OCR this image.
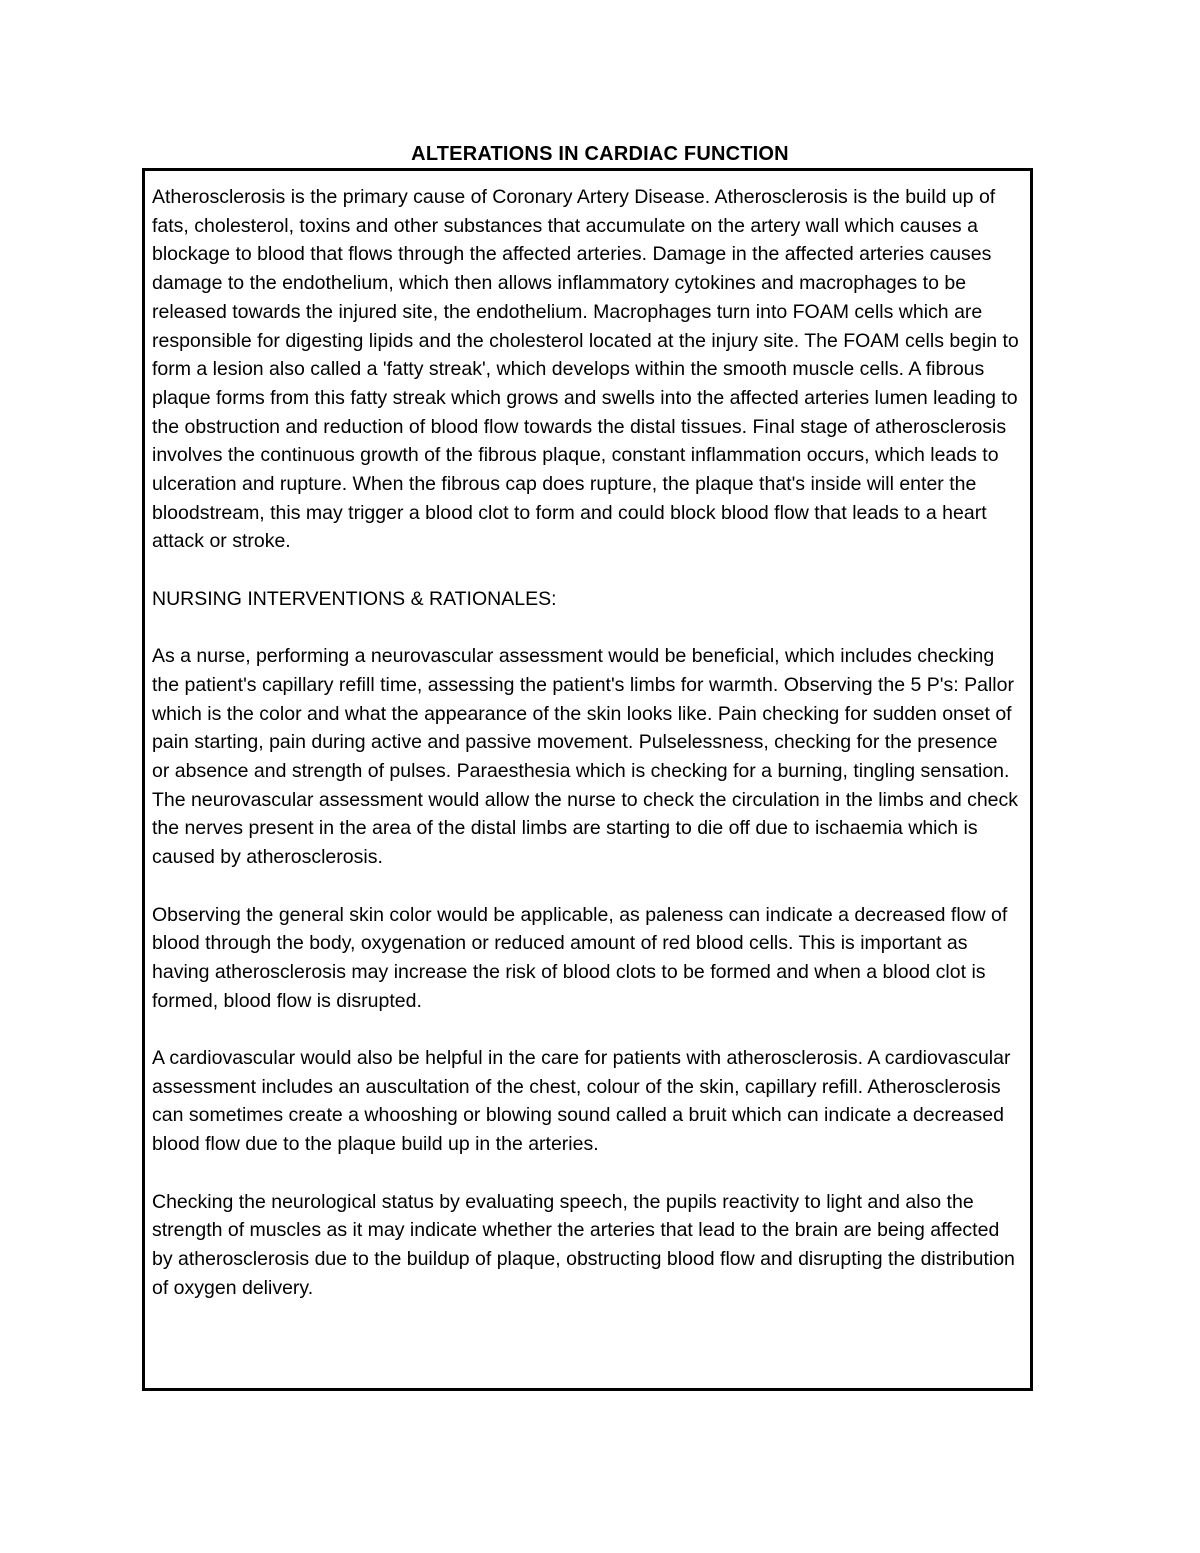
ALTERATIONS IN CARDIAC FUNCTION

Atherosclerosis is the primary cause of Coronary Artery Disease. Atherosclerosis is the build up of fats, cholesterol, toxins and other substances that accumulate on the artery wall which causes a blockage to blood that flows through the affected arteries. Damage in the affected arteries causes damage to the endothelium, which then allows inflammatory cytokines and macrophages to be released towards the injured site, the endothelium. Macrophages turn into FOAM cells which are responsible for digesting lipids and the cholesterol located at the injury site. The FOAM cells begin to form a lesion also called a 'fatty streak', which develops within the smooth muscle cells. A fibrous plaque forms from this fatty streak which grows and swells into the affected arteries lumen leading to the obstruction and reduction of blood flow towards the distal tissues. Final stage of atherosclerosis involves the continuous growth of the fibrous plaque, constant inflammation occurs, which leads to ulceration and rupture. When the fibrous cap does rupture, the plaque that's inside will enter the bloodstream, this may trigger a blood clot to form and could block blood flow that leads to a heart attack or stroke.

NURSING INTERVENTIONS & RATIONALES:

As a nurse, performing a neurovascular assessment would be beneficial, which includes checking the patient's capillary refill time, assessing the patient's limbs for warmth. Observing the 5 P's: Pallor which is the color and what the appearance of the skin looks like. Pain checking for sudden onset of pain starting, pain during active and passive movement. Pulselessness, checking for the presence or absence and strength of pulses. Paraesthesia which is checking for a burning, tingling sensation. The neurovascular assessment would allow the nurse to check the circulation in the limbs and check the nerves present in the area of the distal limbs are starting to die off due to ischaemia which is caused by atherosclerosis.

Observing the general skin color would be applicable, as paleness can indicate a decreased flow of blood through the body, oxygenation or reduced amount of red blood cells. This is important as having atherosclerosis may increase the risk of blood clots to be formed and when a blood clot is formed, blood flow is disrupted.

A cardiovascular would also be helpful in the care for patients with atherosclerosis. A cardiovascular assessment includes an auscultation of the chest, colour of the skin, capillary refill. Atherosclerosis can sometimes create a whooshing or blowing sound called a bruit which can indicate a decreased blood flow due to the plaque build up in the arteries.

Checking the neurological status by evaluating speech, the pupils reactivity to light and also the strength of muscles as it may indicate whether the arteries that lead to the brain are being affected by atherosclerosis due to the buildup of plaque, obstructing blood flow and disrupting the distribution of oxygen delivery.
